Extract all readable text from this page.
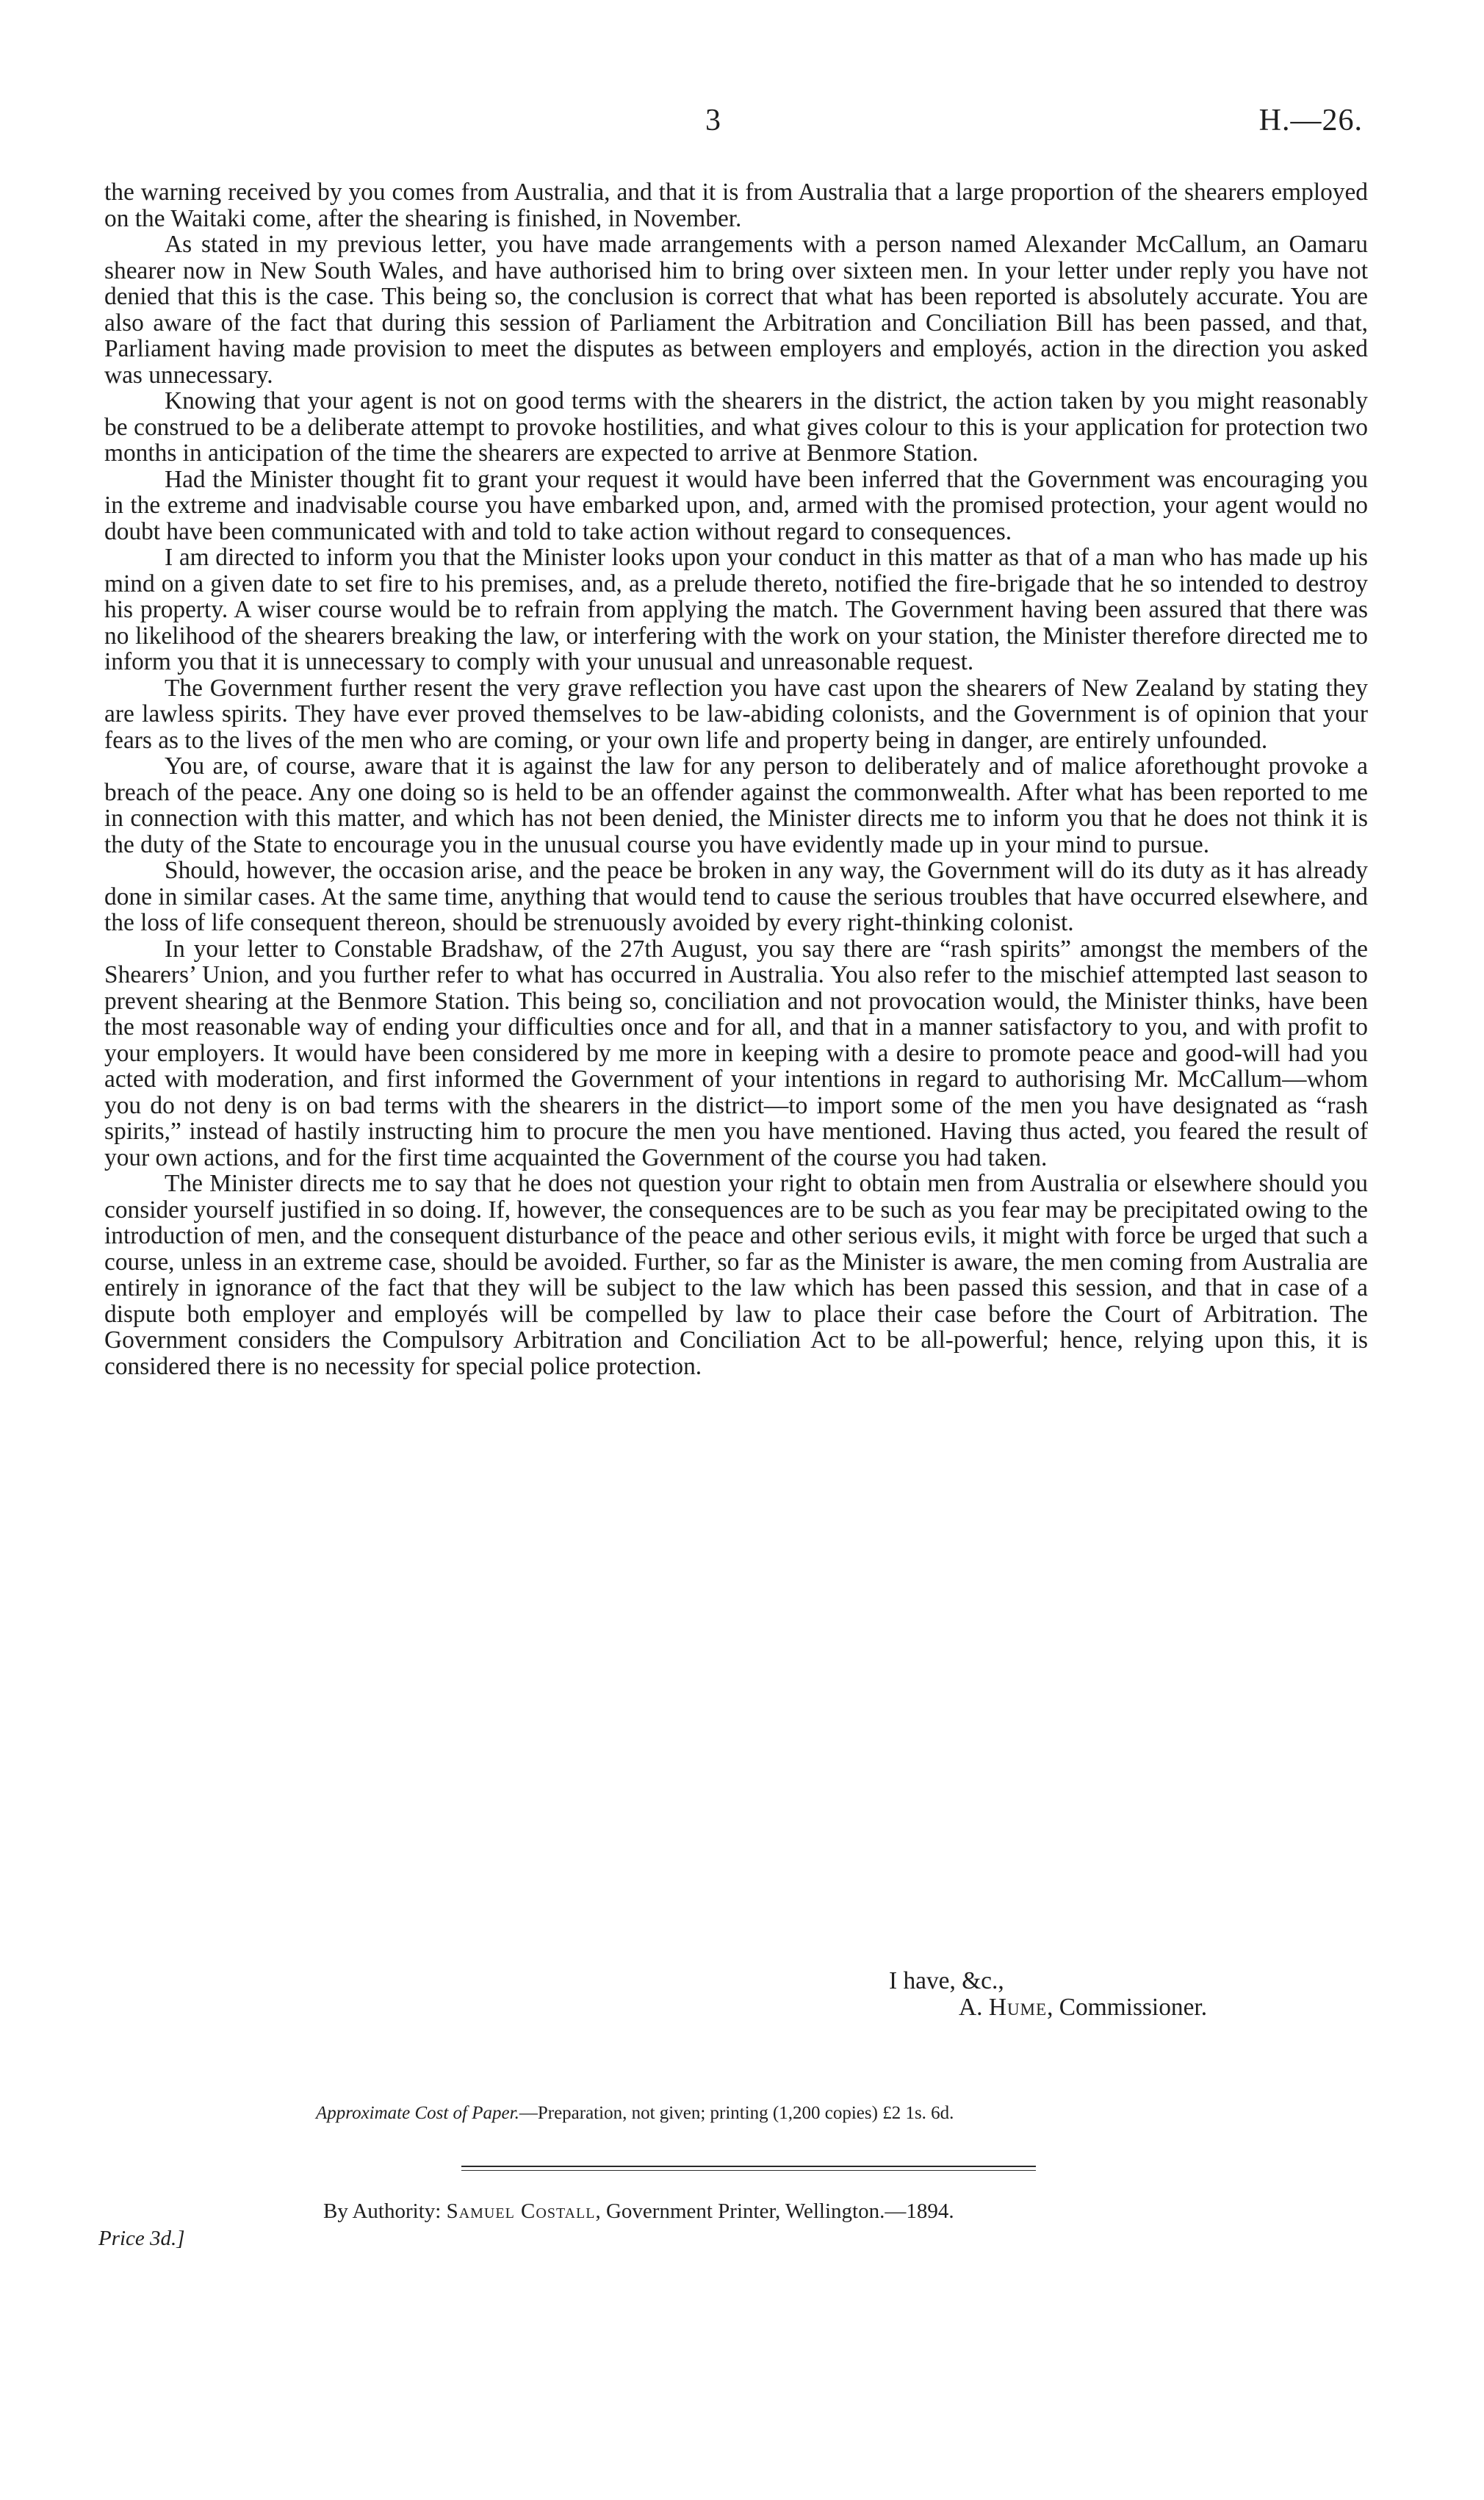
3	H.—26.

the warning received by you comes from Australia, and that it is from Australia that a large proportion of the shearers employed on the Waitaki come, after the shearing is finished, in November.

As stated in my previous letter, you have made arrangements with a person named Alexander McCallum, an Oamaru shearer now in New South Wales, and have authorised him to bring over sixteen men. In your letter under reply you have not denied that this is the case. This being so, the conclusion is correct that what has been reported is absolutely accurate. You are also aware of the fact that during this session of Parliament the Arbitration and Conciliation Bill has been passed, and that, Parliament having made provision to meet the disputes as between employers and employés, action in the direction you asked was unnecessary.

Knowing that your agent is not on good terms with the shearers in the district, the action taken by you might reasonably be construed to be a deliberate attempt to provoke hostilities, and what gives colour to this is your application for protection two months in anticipation of the time the shearers are expected to arrive at Benmore Station.

Had the Minister thought fit to grant your request it would have been inferred that the Government was encouraging you in the extreme and inadvisable course you have embarked upon, and, armed with the promised protection, your agent would no doubt have been communicated with and told to take action without regard to consequences.

I am directed to inform you that the Minister looks upon your conduct in this matter as that of a man who has made up his mind on a given date to set fire to his premises, and, as a prelude thereto, notified the fire-brigade that he so intended to destroy his property. A wiser course would be to refrain from applying the match. The Government having been assured that there was no likelihood of the shearers breaking the law, or interfering with the work on your station, the Minister therefore directed me to inform you that it is unnecessary to comply with your unusual and unreasonable request.

The Government further resent the very grave reflection you have cast upon the shearers of New Zealand by stating they are lawless spirits. They have ever proved themselves to be law-abiding colonists, and the Government is of opinion that your fears as to the lives of the men who are coming, or your own life and property being in danger, are entirely unfounded.

You are, of course, aware that it is against the law for any person to deliberately and of malice aforethought provoke a breach of the peace. Any one doing so is held to be an offender against the commonwealth. After what has been reported to me in connection with this matter, and which has not been denied, the Minister directs me to inform you that he does not think it is the duty of the State to encourage you in the unusual course you have evidently made up in your mind to pursue.

Should, however, the occasion arise, and the peace be broken in any way, the Government will do its duty as it has already done in similar cases. At the same time, anything that would tend to cause the serious troubles that have occurred elsewhere, and the loss of life consequent thereon, should be strenuously avoided by every right-thinking colonist.

In your letter to Constable Bradshaw, of the 27th August, you say there are “rash spirits” amongst the members of the Shearers’ Union, and you further refer to what has occurred in Australia. You also refer to the mischief attempted last season to prevent shearing at the Benmore Station. This being so, conciliation and not provocation would, the Minister thinks, have been the most reasonable way of ending your difficulties once and for all, and that in a manner satisfactory to you, and with profit to your employers. It would have been considered by me more in keeping with a desire to promote peace and good-will had you acted with moderation, and first informed the Government of your intentions in regard to authorising Mr. McCallum—whom you do not deny is on bad terms with the shearers in the district—to import some of the men you have designated as “rash spirits,” instead of hastily instructing him to procure the men you have mentioned. Having thus acted, you feared the result of your own actions, and for the first time acquainted the Government of the course you had taken.

The Minister directs me to say that he does not question your right to obtain men from Australia or elsewhere should you consider yourself justified in so doing. If, however, the consequences are to be such as you fear may be precipitated owing to the introduction of men, and the consequent disturbance of the peace and other serious evils, it might with force be urged that such a course, unless in an extreme case, should be avoided. Further, so far as the Minister is aware, the men coming from Australia are entirely in ignorance of the fact that they will be subject to the law which has been passed this session, and that in case of a dispute both employer and employés will be compelled by law to place their case before the Court of Arbitration. The Government considers the Compulsory Arbitration and Conciliation Act to be all-powerful; hence, relying upon this, it is considered there is no necessity for special police protection.

I have, &c.,
A. Hume, Commissioner.
Approximate Cost of Paper.—Preparation, not given; printing (1,200 copies) £2 1s. 6d.
By Authority: Samuel Costall, Government Printer, Wellington.—1894.
Price 3d.]
